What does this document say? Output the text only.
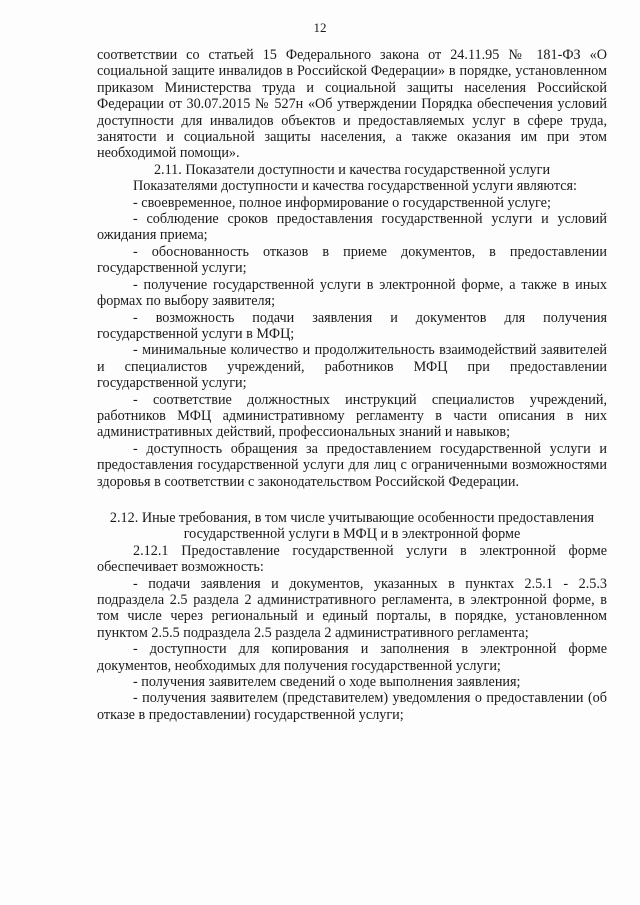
12

соответствии со статьей 15 Федерального закона от 24.11.95 № 181-ФЗ «О социальной защите инвалидов в Российской Федерации» в порядке, установленном приказом Министерства труда и социальной защиты населения Российской Федерации от 30.07.2015 № 527н «Об утверждении Порядка обеспечения условий доступности для инвалидов объектов и предоставляемых услуг в сфере труда, занятости и социальной защиты населения, а также оказания им при этом необходимой помощи».

2.11. Показатели доступности и качества государственной услуги

Показателями доступности и качества государственной услуги являются:

- своевременное, полное информирование о государственной услуге;

- соблюдение сроков предоставления государственной услуги и условий ожидания приема;

- обоснованность отказов в приеме документов, в предоставлении государственной услуги;

- получение государственной услуги в электронной форме, а также в иных формах по выбору заявителя;

- возможность подачи заявления и документов для получения государственной услуги в МФЦ;

- минимальные количество и продолжительность взаимодействий заявителей и специалистов учреждений, работников МФЦ при предоставлении государственной услуги;

- соответствие должностных инструкций специалистов учреждений, работников МФЦ административному регламенту в части описания в них административных действий, профессиональных знаний и навыков;

- доступность обращения за предоставлением государственной услуги и предоставления государственной услуги для лиц с ограниченными возможностями здоровья в соответствии с законодательством Российской Федерации.

2.12. Иные требования, в том числе учитывающие особенности предоставления государственной услуги в МФЦ и в электронной форме

2.12.1 Предоставление государственной услуги в электронной форме обеспечивает возможность:

- подачи заявления и документов, указанных в пунктах 2.5.1 - 2.5.3 подраздела 2.5 раздела 2 административного регламента, в электронной форме, в том числе через региональный и единый порталы, в порядке, установленном пунктом 2.5.5 подраздела 2.5 раздела 2 административного регламента;

- доступности для копирования и заполнения в электронной форме документов, необходимых для получения государственной услуги;

- получения заявителем сведений о ходе выполнения заявления;

- получения заявителем (представителем) уведомления о предоставлении (об отказе в предоставлении) государственной услуги;
